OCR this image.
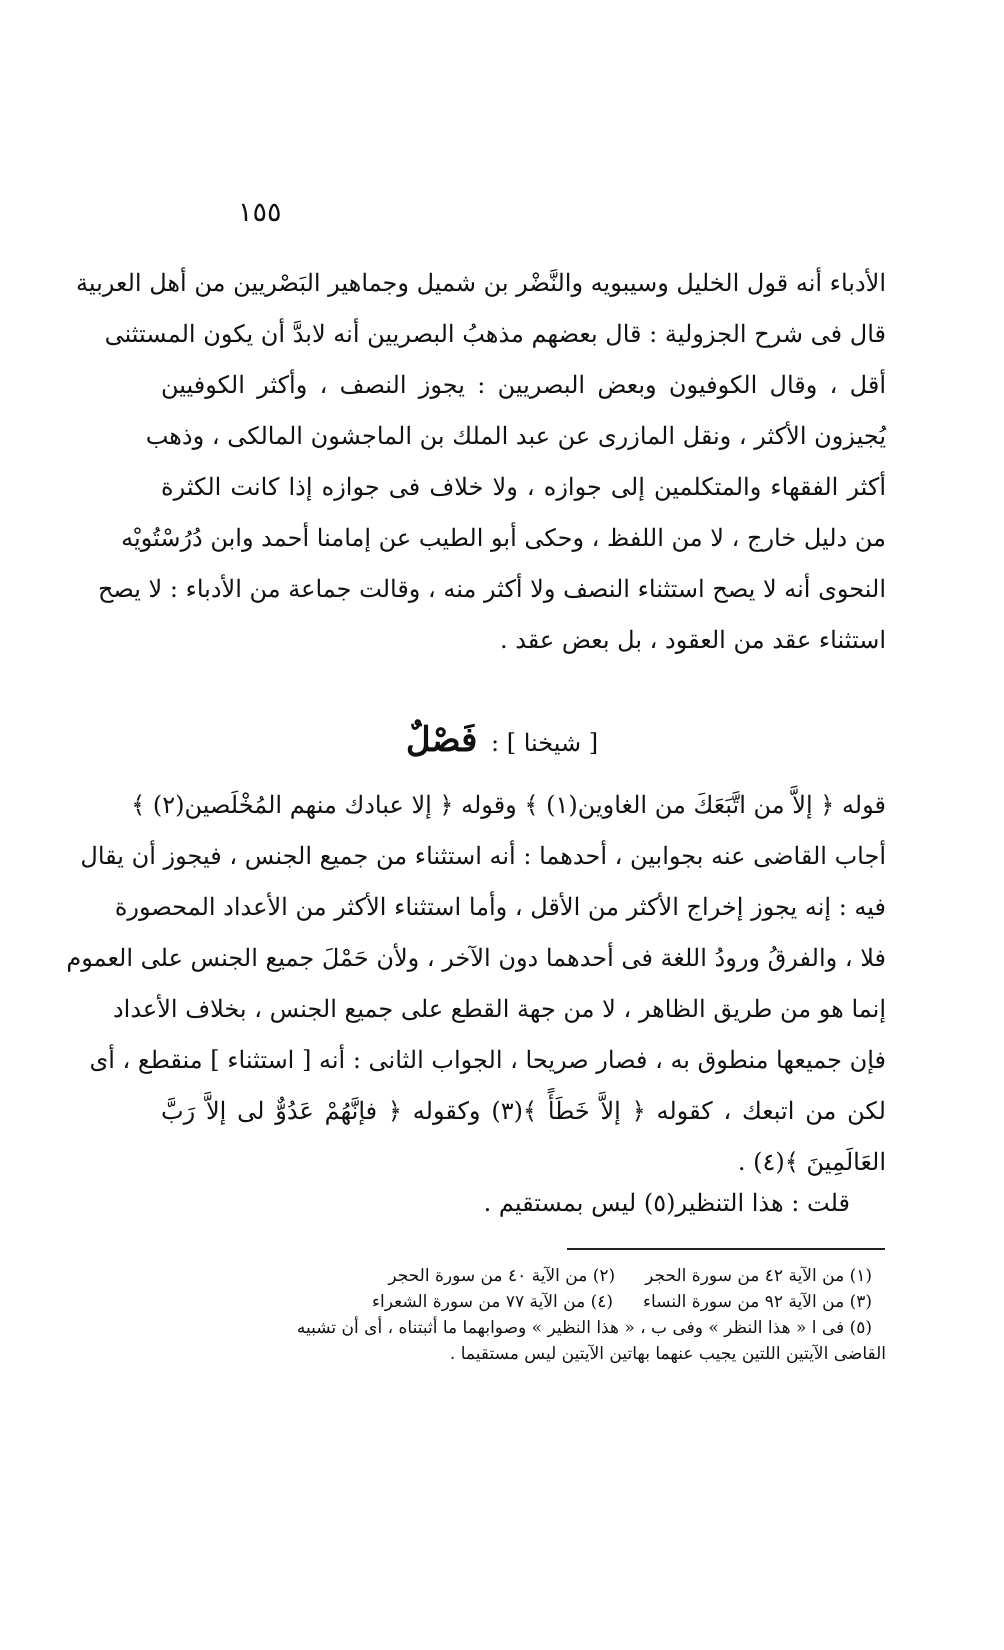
١٥٥
الأدباء أنه قول الخليل وسيبويه والنَّضْر بن شميل وجماهير البَصْريين من أهل العربية
قال فى شرح الجزولية : قال بعضهم مذهبُ البصريين أنه لابدَّ أن يكون المستثنى
أقل ، وقال الكوفيون وبعض البصريين : يجوز النصف ، وأكثر الكوفيين
يُجيزون الأكثر ، ونقل المازرى عن عبد الملك بن الماجشون المالكى ، وذهب
أكثر الفقهاء والمتكلمين إلى جوازه ، ولا خلاف فى جوازه إذا كانت الكثرة
من دليل خارج ، لا من اللفظ ، وحكى أبو الطيب عن إمامنا أحمد وابن دُرُسْتُويْه
النحوى أنه لا يصح استثناء النصف ولا أكثر منه ، وقالت جماعة من الأدباء : لا يصح
استثناء عقد من العقود ، بل بعض عقد .
[ شيخنا ] : فَصْلٌ
قوله ﴿ إلاَّ من اتَّبَعَكَ من الغاوين(١) ﴾ وقوله ﴿ إلا عبادك منهم المُخْلَصين(٢) ﴾
أجاب القاضى عنه بجوابين ، أحدهما : أنه استثناء من جميع الجنس ، فيجوز أن يقال
فيه : إنه يجوز إخراج الأكثر من الأقل ، وأما استثناء الأكثر من الأعداد المحصورة
فلا ، والفرقُ ورودُ اللغة فى أحدهما دون الآخر ، ولأن حَمْلَ جميع الجنس على العموم
إنما هو من طريق الظاهر ، لا من جهة القطع على جميع الجنس ، بخلاف الأعداد
فإن جميعها منطوق به ، فصار صريحا ، الجواب الثانى : أنه [ استثناء ] منقطع ، أى
لكن من اتبعك ، كقوله ﴿ إلاَّ خَطَأً ﴾(٣) وكقوله ﴿ فإنَّهُمْ عَدُوٌّ لى إلاَّ رَبَّ
العَالَمِينَ ﴾(٤) .
قلت : هذا التنظير(٥) ليس بمستقيم .
(١) من الآية ٤٢ من سورة الحجر
(٢) من الآية ٤٠ من سورة الحجر
(٣) من الآية ٩٢ من سورة النساء
(٤) من الآية ٧٧ من سورة الشعراء
(٥) فى ا « هذا النظر » وفى ب ، « هذا النظير » وصوابهما ما أثبتناه ، أى أن تشبيه
القاضى الآيتين اللتين يجيب عنهما بهاتين الآيتين ليس مستقيما .
